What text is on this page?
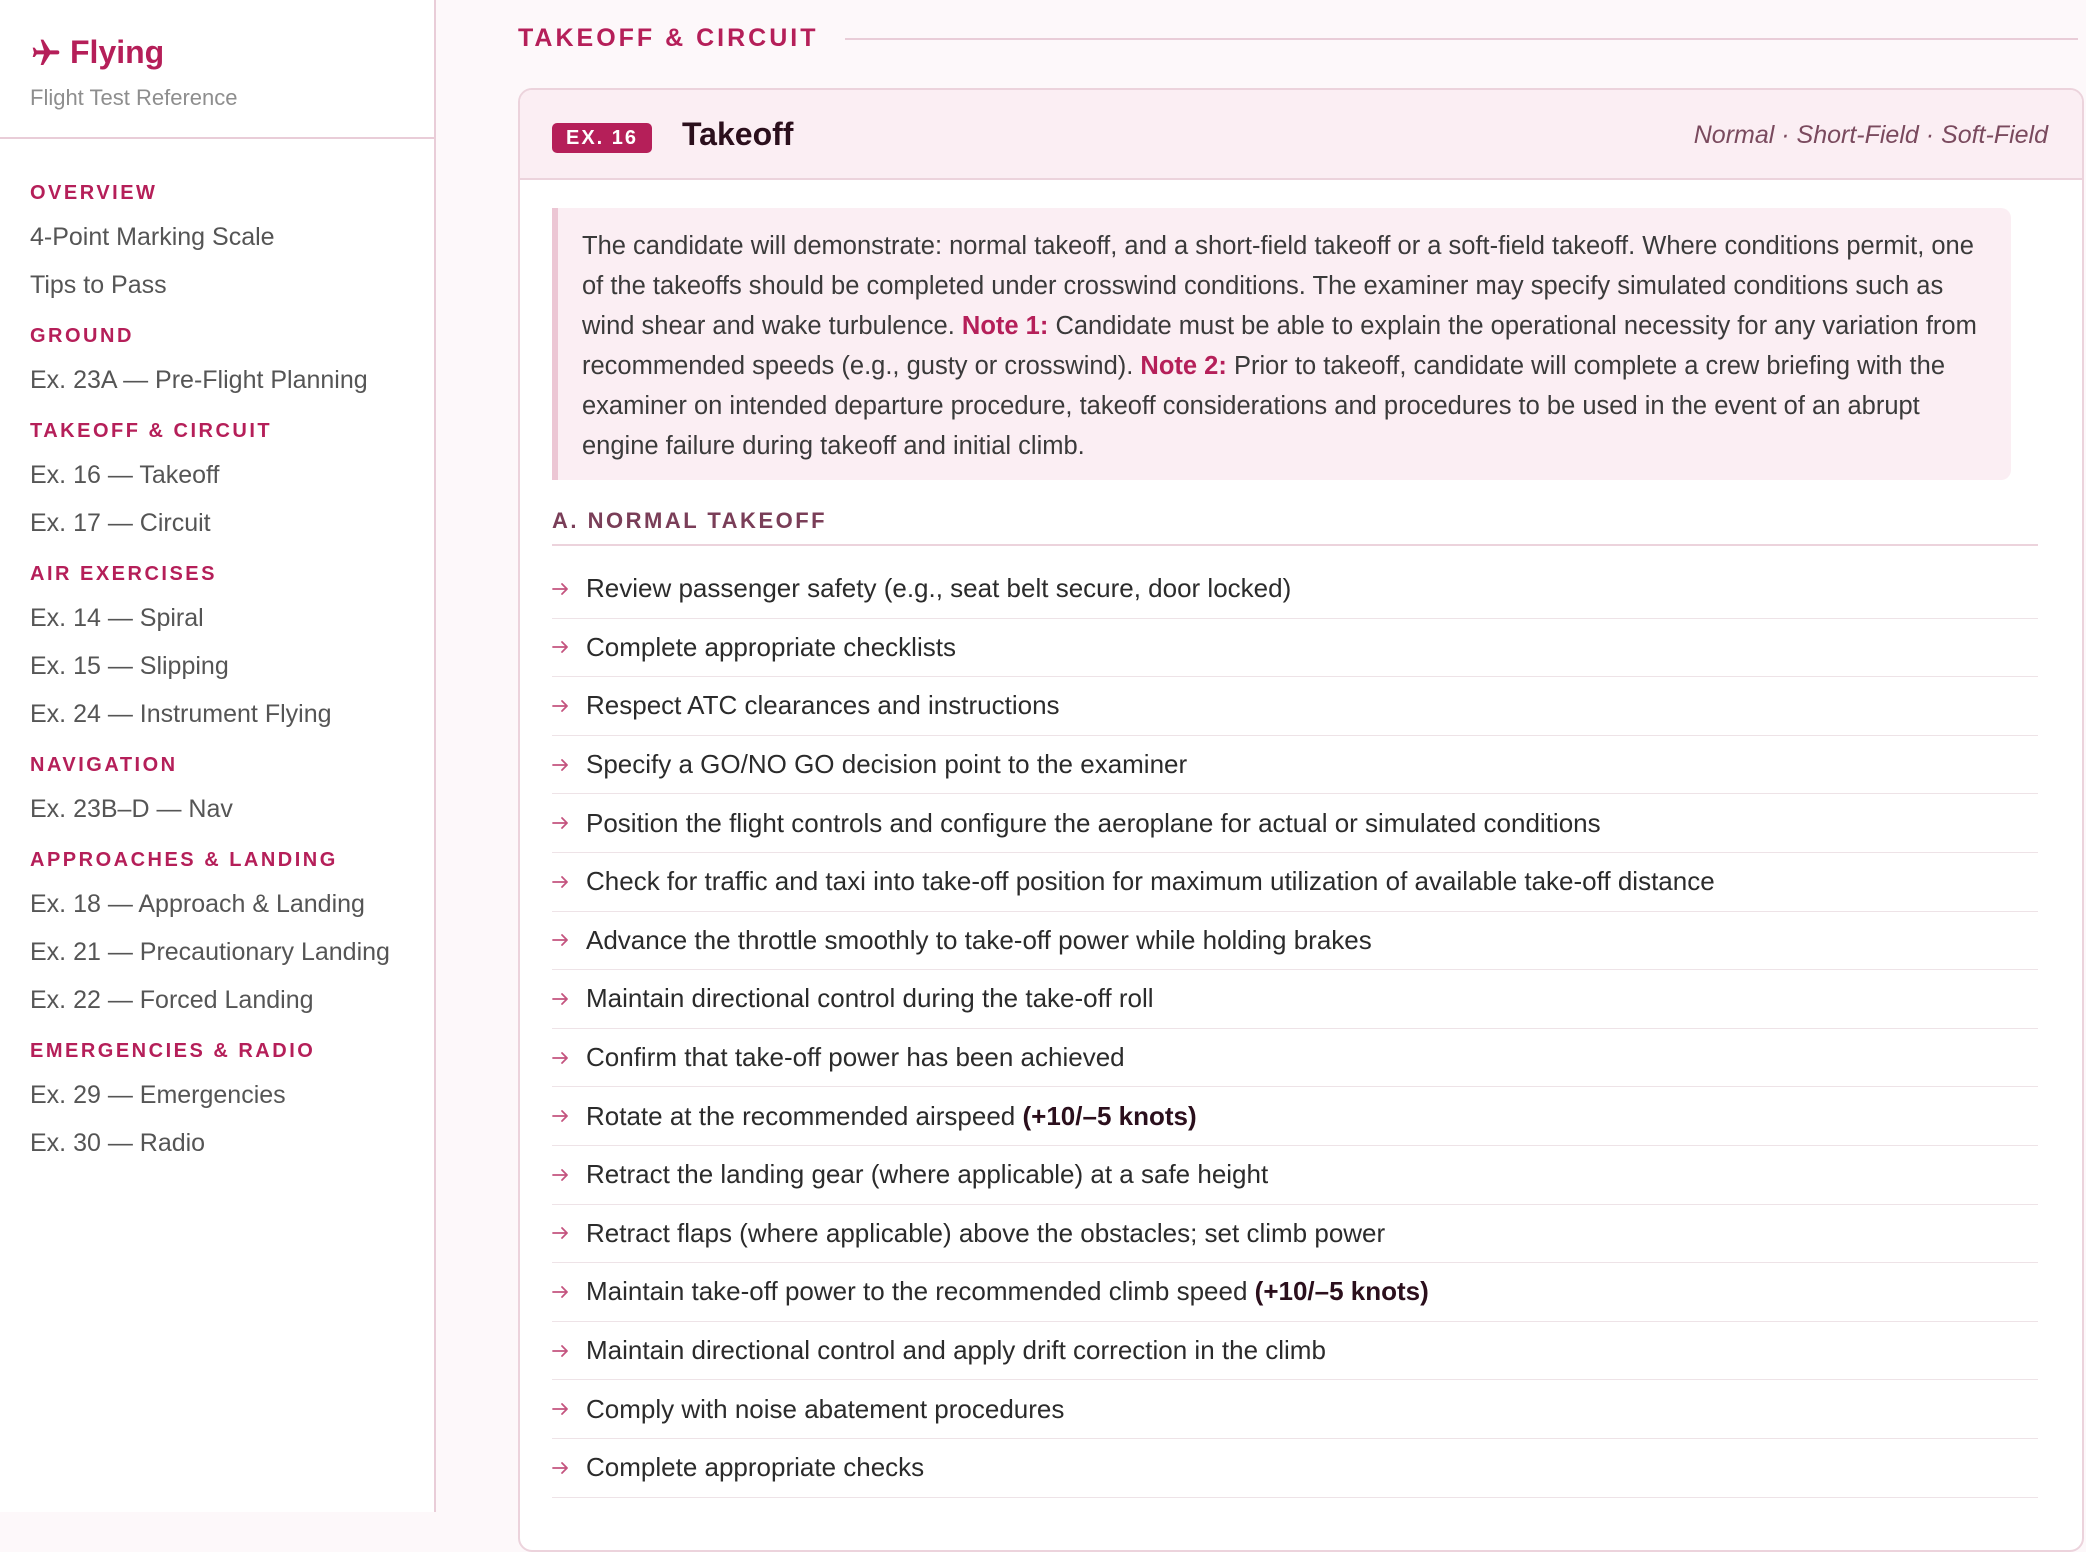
Flying
Flight Test Reference
OVERVIEW
4-Point Marking Scale
Tips to Pass
GROUND
Ex. 23A — Pre-Flight Planning
TAKEOFF & CIRCUIT
Ex. 16 — Takeoff
Ex. 17 — Circuit
AIR EXERCISES
Ex. 14 — Spiral
Ex. 15 — Slipping
Ex. 24 — Instrument Flying
NAVIGATION
Ex. 23B–D — Nav
APPROACHES & LANDING
Ex. 18 — Approach & Landing
Ex. 21 — Precautionary Landing
Ex. 22 — Forced Landing
EMERGENCIES & RADIO
Ex. 29 — Emergencies
Ex. 30 — Radio
TAKEOFF & CIRCUIT
EX. 16	Takeoff	Normal · Short-Field · Soft-Field
The candidate will demonstrate: normal takeoff, and a short-field takeoff or a soft-field takeoff. Where conditions permit, one of the takeoffs should be completed under crosswind conditions. The examiner may specify simulated conditions such as wind shear and wake turbulence. Note 1: Candidate must be able to explain the operational necessity for any variation from recommended speeds (e.g., gusty or crosswind). Note 2: Prior to takeoff, candidate will complete a crew briefing with the examiner on intended departure procedure, takeoff considerations and procedures to be used in the event of an abrupt engine failure during takeoff and initial climb.
A. NORMAL TAKEOFF
Review passenger safety (e.g., seat belt secure, door locked)
Complete appropriate checklists
Respect ATC clearances and instructions
Specify a GO/NO GO decision point to the examiner
Position the flight controls and configure the aeroplane for actual or simulated conditions
Check for traffic and taxi into take-off position for maximum utilization of available take-off distance
Advance the throttle smoothly to take-off power while holding brakes
Maintain directional control during the take-off roll
Confirm that take-off power has been achieved
Rotate at the recommended airspeed
(+10/–5 knots)
Retract the landing gear (where applicable) at a safe height
Retract flaps (where applicable) above the obstacles; set climb power
Maintain take-off power to the recommended climb speed
(+10/–5 knots)
Maintain directional control and apply drift correction in the climb
Comply with noise abatement procedures
Complete appropriate checks
